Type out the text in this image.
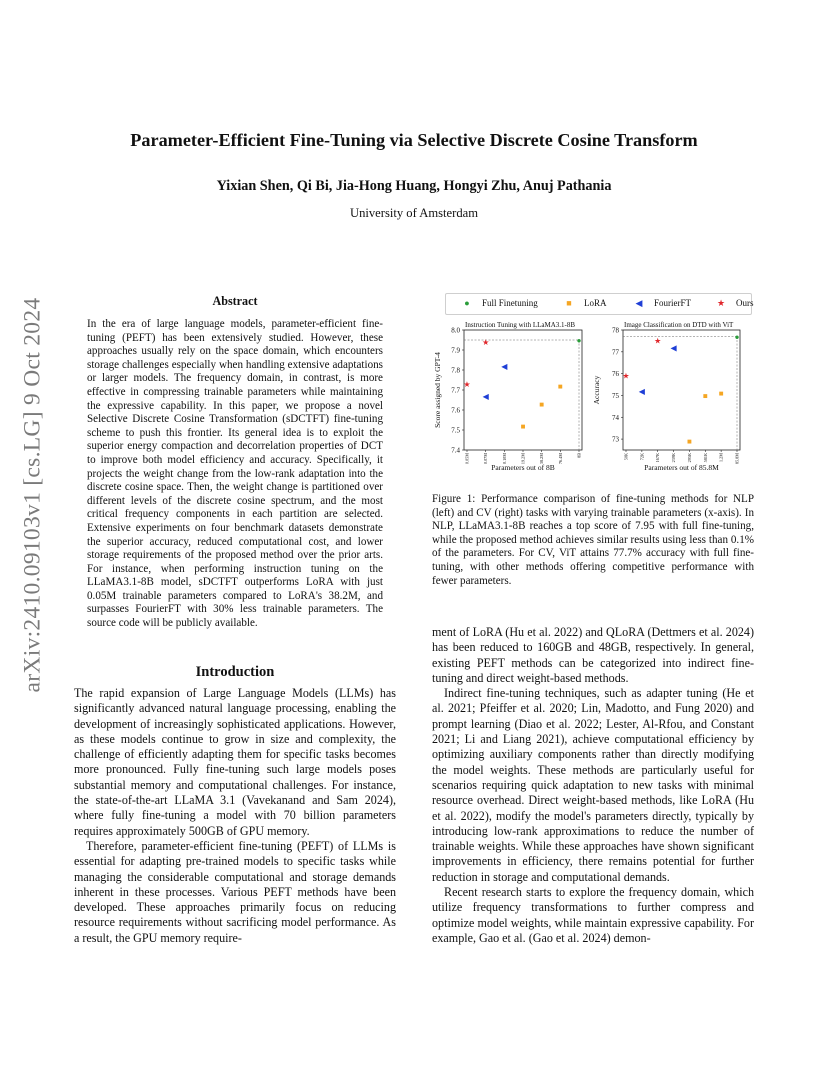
arXiv:2410.09103v1 [cs.LG] 9 Oct 2024
Parameter-Efficient Fine-Tuning via Selective Discrete Cosine Transform
Yixian Shen, Qi Bi, Jia-Hong Huang, Hongyi Zhu, Anuj Pathania
University of Amsterdam
Abstract
In the era of large language models, parameter-efficient fine-tuning (PEFT) has been extensively studied. However, these approaches usually rely on the space domain, which encounters storage challenges especially when handling extensive adaptations or larger models. The frequency domain, in contrast, is more effective in compressing trainable parameters while maintaining the expressive capability. In this paper, we propose a novel Selective Discrete Cosine Transformation (sDCTFT) fine-tuning scheme to push this frontier. Its general idea is to exploit the superior energy compaction and decorrelation properties of DCT to improve both model efficiency and accuracy. Specifically, it projects the weight change from the low-rank adaptation into the discrete cosine space. Then, the weight change is partitioned over different levels of the discrete cosine spectrum, and the most critical frequency components in each partition are selected. Extensive experiments on four benchmark datasets demonstrate the superior accuracy, reduced computational cost, and lower storage requirements of the proposed method over the prior arts. For instance, when performing instruction tuning on the LLaMA3.1-8B model, sDCTFT outperforms LoRA with just 0.05M trainable parameters compared to LoRA's 38.2M, and surpasses FourierFT with 30% less trainable parameters. The source code will be publicly available.
Introduction

The rapid expansion of Large Language Models (LLMs) has significantly advanced natural language processing, enabling the development of increasingly sophisticated applications. However, as these models continue to grow in size and complexity, the challenge of efficiently adapting them for specific tasks becomes more pronounced. Fully fine-tuning such large models poses substantial memory and computational challenges. For instance, the state-of-the-art LLaMA 3.1 (Vavekanand and Sam 2024), where fully fine-tuning a model with 70 billion parameters requires approximately 500GB of GPU memory.

Therefore, parameter-efficient fine-tuning (PEFT) of LLMs is essential for adapting pre-trained models to specific tasks while managing the considerable computational and storage demands inherent in these processes. Various PEFT methods have been developed. These approaches primarily focus on reducing resource requirements without sacrificing model performance. As a result, the GPU memory require-

● Full Finetuning	■ LoRA	◀ FourierFT	★ Ours
Instruction Tuning with LLaMA3.1-8B
Parameters out of 8B
Score assigned by GPT-4
7.4
7.5
7.6
7.7
7.8
7.9
8.0
0.05M	0.07M	0.10M	19.2M	38.2M	76.4M	8B
●
■
■
■
◀
◀
★
★
Image Classification on DTD with ViT
Parameters out of 85.8M
Accuracy
73
74
75
76
77
78
50K	72K	167K	239K	295K	581K	1.2M	85.8M
●
■
■ ■
◀
◀
★
★
Figure 1: Performance comparison of fine-tuning methods for NLP (left) and CV (right) tasks with varying trainable parameters (x-axis). In NLP, LLaMA3.1-8B reaches a top score of 7.95 with full fine-tuning, while the proposed method achieves similar results using less than 0.1% of the parameters. For CV, ViT attains 77.7% accuracy with full fine-tuning, with other methods offering competitive performance with fewer parameters.

ment of LoRA (Hu et al. 2022) and QLoRA (Dettmers et al. 2024) has been reduced to 160GB and 48GB, respectively. In general, existing PEFT methods can be categorized into indirect fine-tuning and direct weight-based methods.

Indirect fine-tuning techniques, such as adapter tuning (He et al. 2021; Pfeiffer et al. 2020; Lin, Madotto, and Fung 2020) and prompt learning (Diao et al. 2022; Lester, Al-Rfou, and Constant 2021; Li and Liang 2021), achieve computational efficiency by optimizing auxiliary components rather than directly modifying the model weights. These methods are particularly useful for scenarios requiring quick adaptation to new tasks with minimal resource overhead. Direct weight-based methods, like LoRA (Hu et al. 2022), modify the model's parameters directly, typically by introducing low-rank approximations to reduce the number of trainable weights. While these approaches have shown significant improvements in efficiency, there remains potential for further reduction in storage and computational demands.

Recent research starts to explore the frequency domain, which utilize frequency transformations to further compress and optimize model weights, while maintain expressive capability. For example, Gao et al. (Gao et al. 2024) demon-
